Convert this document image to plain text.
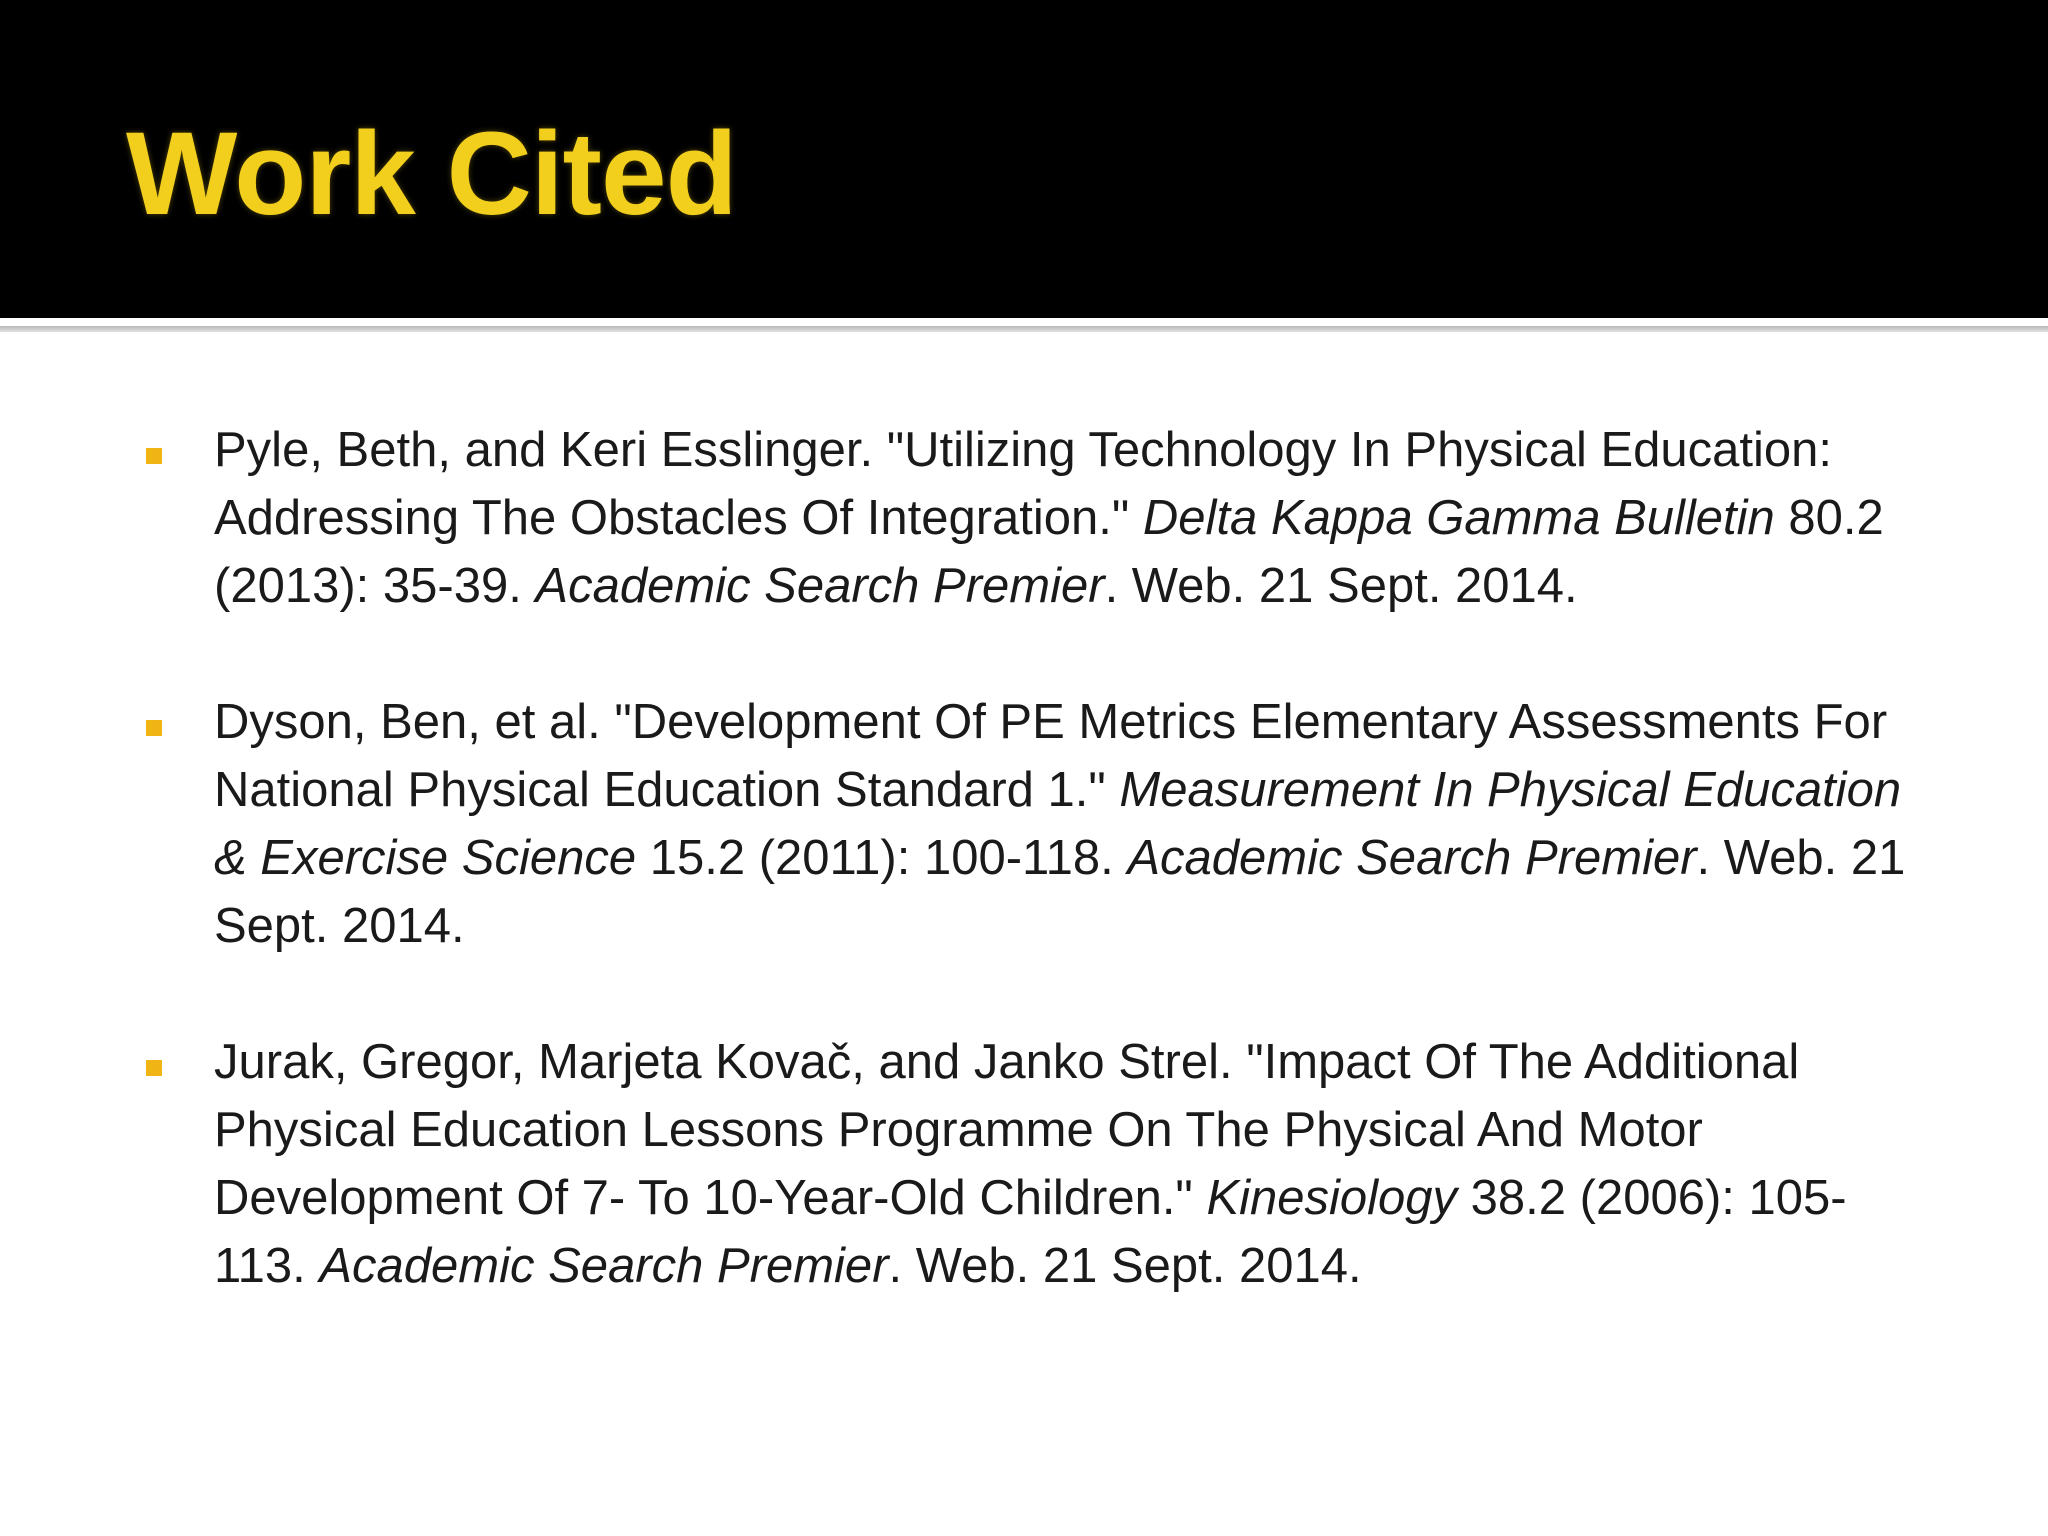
Work Cited
Pyle, Beth, and Keri Esslinger. "Utilizing Technology In Physical Education: Addressing The Obstacles Of Integration." Delta Kappa Gamma Bulletin 80.2 (2013): 35-39. Academic Search Premier. Web. 21 Sept. 2014.
Dyson, Ben, et al. "Development Of PE Metrics Elementary Assessments For National Physical Education Standard 1." Measurement In Physical Education & Exercise Science 15.2 (2011): 100-118. Academic Search Premier. Web. 21 Sept. 2014.
Jurak, Gregor, Marjeta Kovač, and Janko Strel. "Impact Of The Additional Physical Education Lessons Programme On The Physical And Motor Development Of 7- To 10-Year-Old Children." Kinesiology 38.2 (2006): 105-113. Academic Search Premier. Web. 21 Sept. 2014.
